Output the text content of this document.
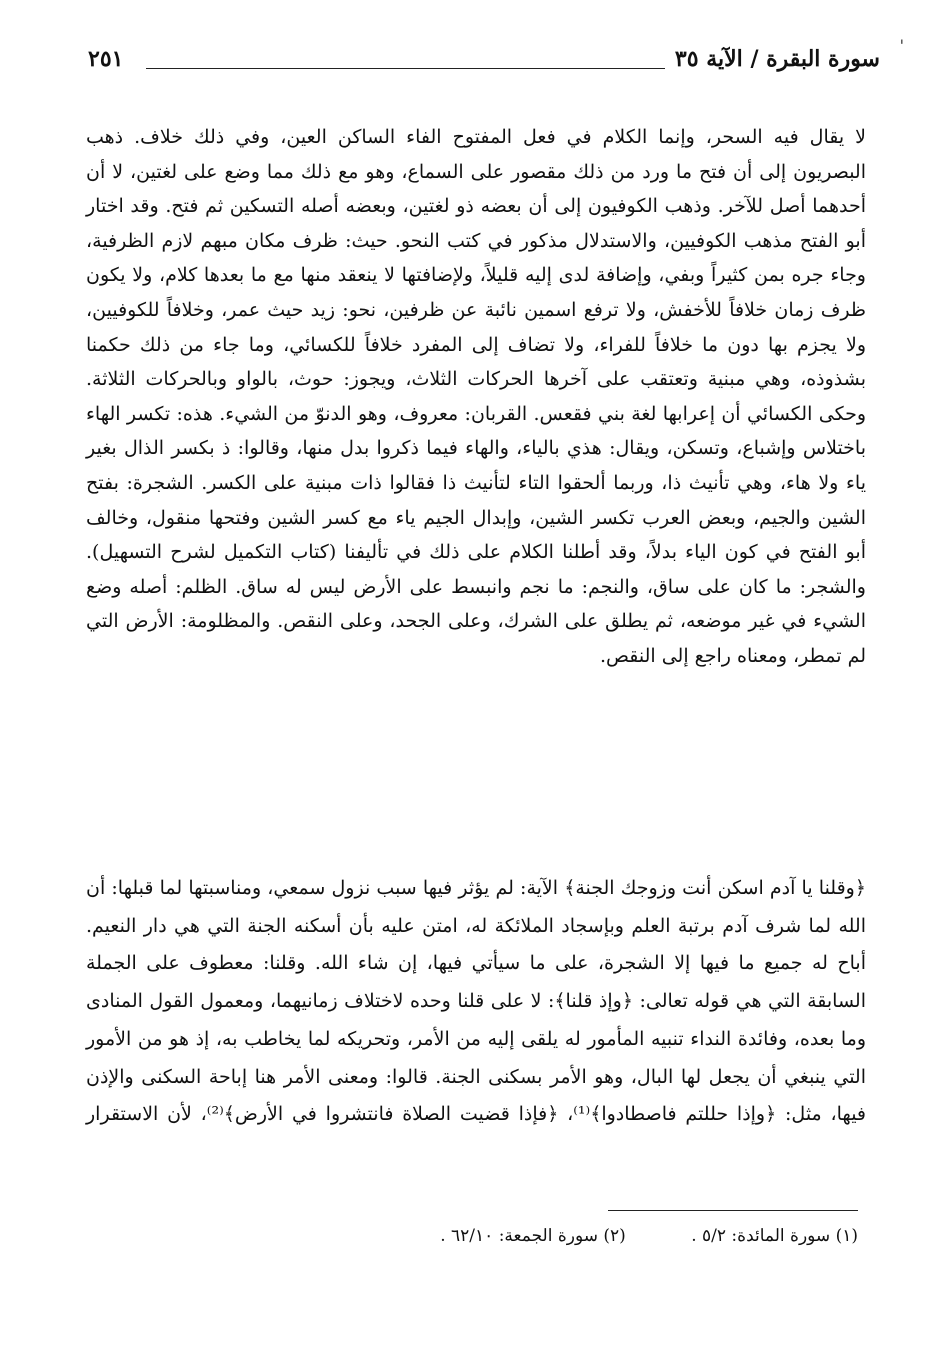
'
سورة البقرة / الآية ٣٥
٢٥١

لا يقال فيه السحر، وإنما الكلام في فعل المفتوح الفاء الساكن العين، وفي ذلك خلاف. ذهب البصريون إلى أن فتح ما ورد من ذلك مقصور على السماع، وهو مع ذلك مما وضع على لغتين، لا أن أحدهما أصل للآخر. وذهب الكوفيون إلى أن بعضه ذو لغتين، وبعضه أصله التسكين ثم فتح. وقد اختار أبو الفتح مذهب الكوفيين، والاستدلال مذكور في كتب النحو. حيث: ظرف مكان مبهم لازم الظرفية، وجاء جره بمن كثيراً وبفي، وإضافة لدى إليه قليلاً، ولإضافتها لا ينعقد منها مع ما بعدها كلام، ولا يكون ظرف زمان خلافاً للأخفش، ولا ترفع اسمين نائبة عن ظرفين، نحو: زيد حيث عمر، وخلافاً للكوفيين، ولا يجزم بها دون ما خلافاً للفراء، ولا تضاف إلى المفرد خلافاً للكسائي، وما جاء من ذلك حكمنا بشذوذه، وهي مبنية وتعتقب على آخرها الحركات الثلاث، ويجوز: حوث، بالواو وبالحركات الثلاثة. وحكى الكسائي أن إعرابها لغة بني فقعس. القربان: معروف، وهو الدنوّ من الشيء. هذه: تكسر الهاء باختلاس وإشباع، وتسكن، ويقال: هذي بالياء، والهاء فيما ذكروا بدل منها، وقالوا: ذ بكسر الذال بغير ياء ولا هاء، وهي تأنيث ذا، وربما ألحقوا التاء لتأنيث ذا فقالوا ذات مبنية على الكسر. الشجرة: بفتح الشين والجيم، وبعض العرب تكسر الشين، وإبدال الجيم ياء مع كسر الشين وفتحها منقول، وخالف أبو الفتح في كون الياء بدلاً، وقد أطلنا الكلام على ذلك في تأليفنا (كتاب التكميل لشرح التسهيل). والشجر: ما كان على ساق، والنجم: ما نجم وانبسط على الأرض ليس له ساق. الظلم: أصله وضع الشيء في غير موضعه، ثم يطلق على الشرك، وعلى الجحد، وعلى النقص. والمظلومة: الأرض التي لم تمطر، ومعناه راجع إلى النقص.

﴿وقلنا يا آدم اسكن أنت وزوجك الجنة﴾ الآية: لم يؤثر فيها سبب نزول سمعي، ومناسبتها لما قبلها: أن الله لما شرف آدم برتبة العلم وبإسجاد الملائكة له، امتن عليه بأن أسكنه الجنة التي هي دار النعيم. أباح له جميع ما فيها إلا الشجرة، على ما سيأتي فيها، إن شاء الله. وقلنا: معطوف على الجملة السابقة التي هي قوله تعالى: ﴿وإذ قلنا﴾: لا على قلنا وحده لاختلاف زمانيهما، ومعمول القول المنادى وما بعده، وفائدة النداء تنبيه المأمور له يلقى إليه من الأمر، وتحريكه لما يخاطب به، إذ هو من الأمور التي ينبغي أن يجعل لها البال، وهو الأمر بسكنى الجنة. قالوا: ومعنى الأمر هنا إباحة السكنى والإذن فيها، مثل: ﴿وإذا حللتم فاصطادوا﴾⁽¹⁾، ﴿فإذا قضيت الصلاة فانتشروا في الأرض﴾⁽²⁾، لأن الاستقرار

(١) سورة المائدة: ٥/٢ . (٢) سورة الجمعة: ٦٢/١٠ .
